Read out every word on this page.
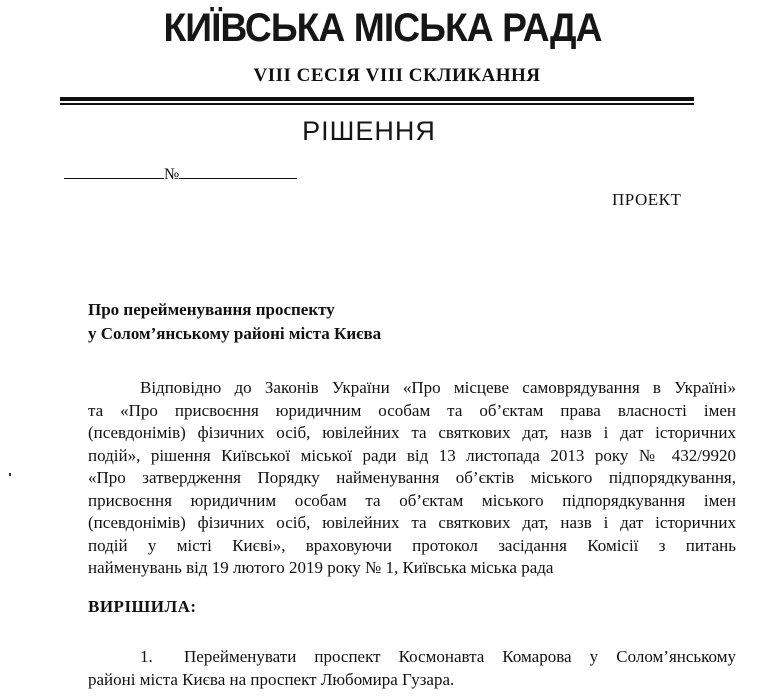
КИЇВСЬКА МІСЬКА РАДА
VIII СЕСІЯ VIII СКЛИКАННЯ
РІШЕННЯ
№
ПРОЕКТ
Про перейменування проспекту
у Солом’янському районі міста Києва
Відповідно до Законів України «Про місцеве самоврядування в Україні»
та «Про присвоєння юридичним особам та об’єктам права власності імен
(псевдонімів) фізичних осіб, ювілейних та святкових дат, назв і дат історичних
подій», рішення Київської міської ради від 13 листопада 2013 року № 432/9920
«Про затвердження Порядку найменування об’єктів міського підпорядкування,
присвоєння юридичним особам та об’єктам міського підпорядкування імен
(псевдонімів) фізичних осіб, ювілейних та святкових дат, назв і дат історичних
подій у місті Києві», враховуючи протокол засідання Комісії з питань
найменувань від 19 лютого 2019 року № 1, Київська міська рада
ВИРІШИЛА:
1. Перейменувати проспект Космонавта Комарова у Солом’янському
районі міста Києва на проспект Любомира Гузара.
